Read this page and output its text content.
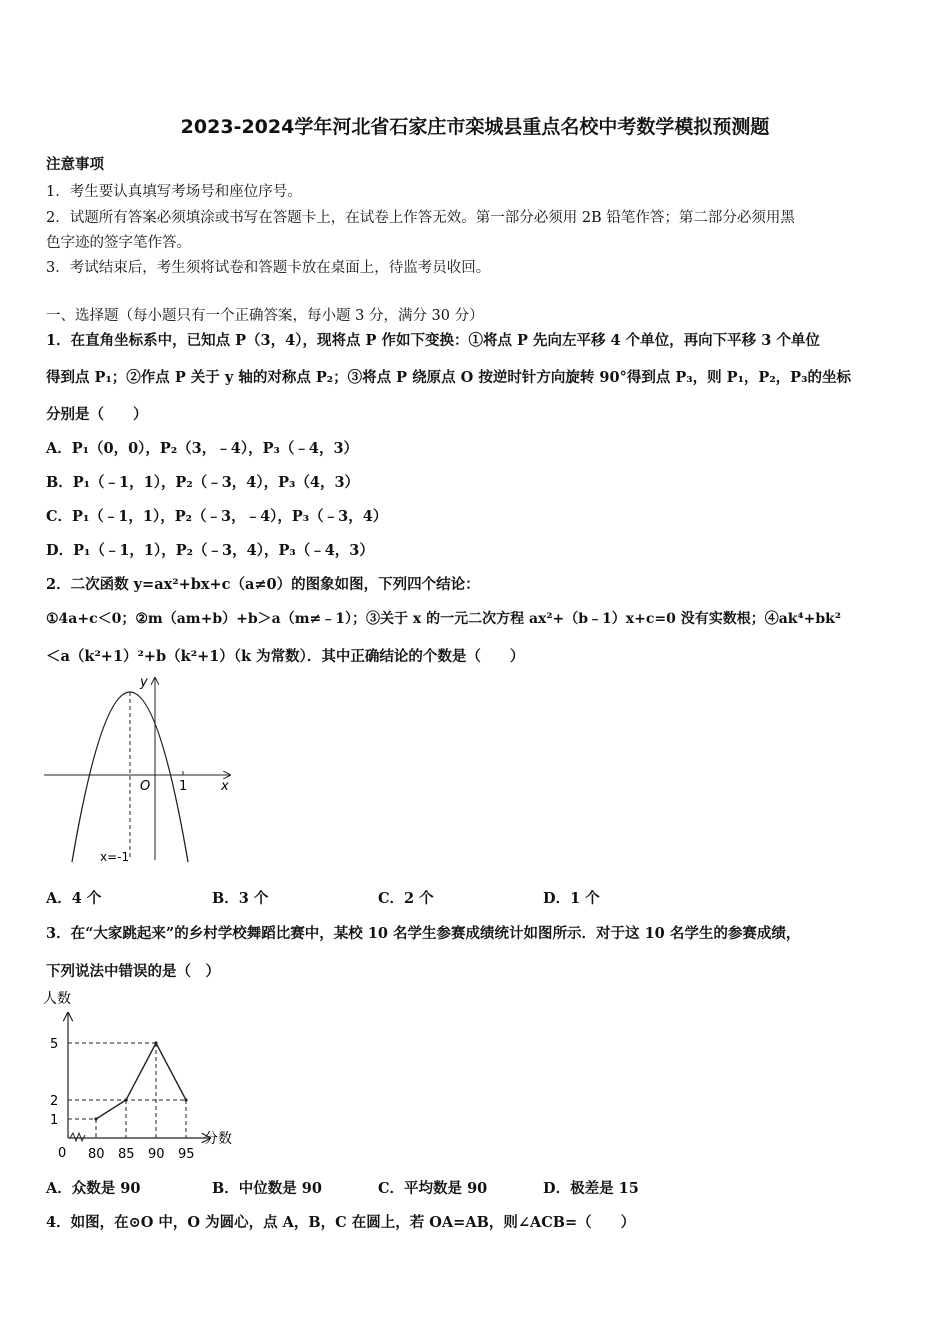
2023-2024学年河北省石家庄市栾城县重点名校中考数学模拟预测题
注意事项
1．考生要认真填写考场号和座位序号。
2．试题所有答案必须填涂或书写在答题卡上，在试卷上作答无效。第一部分必须用 2B 铅笔作答；第二部分必须用黑
色字迹的签字笔作答。
3．考试结束后，考生须将试卷和答题卡放在桌面上，待监考员收回。
一、选择题（每小题只有一个正确答案，每小题 3 分，满分 30 分）
1．在直角坐标系中，已知点 P（3，4），现将点 P 作如下变换：①将点 P 先向左平移 4 个单位，再向下平移 3 个单位
得到点 P₁；②作点 P 关于 y 轴的对称点 P₂；③将点 P 绕原点 O 按逆时针方向旋转 90°得到点 P₃，则 P₁，P₂，P₃的坐标
分别是（　　）
A．P₁（0，0），P₂（3，﹣4），P₃（﹣4，3）
B．P₁（﹣1，1），P₂（﹣3，4），P₃（4，3）
C．P₁（﹣1，1），P₂（﹣3，﹣4），P₃（﹣3，4）
D．P₁（﹣1，1），P₂（﹣3，4），P₃（﹣4，3）
2．二次函数 y=ax²+bx+c（a≠0）的图象如图，下列四个结论：
①4a+c＜0；②m（am+b）+b＞a（m≠﹣1）；③关于 x 的一元二次方程 ax²+（b﹣1）x+c=0 没有实数根；④ak⁴+bk²
＜a（k²+1）²+b（k²+1）（k 为常数）．其中正确结论的个数是（　　）
y
x
O 1
x=-1
A．4 个	B．3 个	C．2 个	D．1 个
3．在“大家跳起来”的乡村学校舞蹈比赛中，某校 10 名学生参赛成绩统计如图所示．对于这 10 名学生的参赛成绩，
下列说法中错误的是（　）
人数
分数
0 80 85 90 95
1
2
5
A．众数是 90	B．中位数是 90	C．平均数是 90	D．极差是 15
4．如图，在⊙O 中，O 为圆心，点 A，B，C 在圆上，若 OA=AB，则∠ACB=（　　）
